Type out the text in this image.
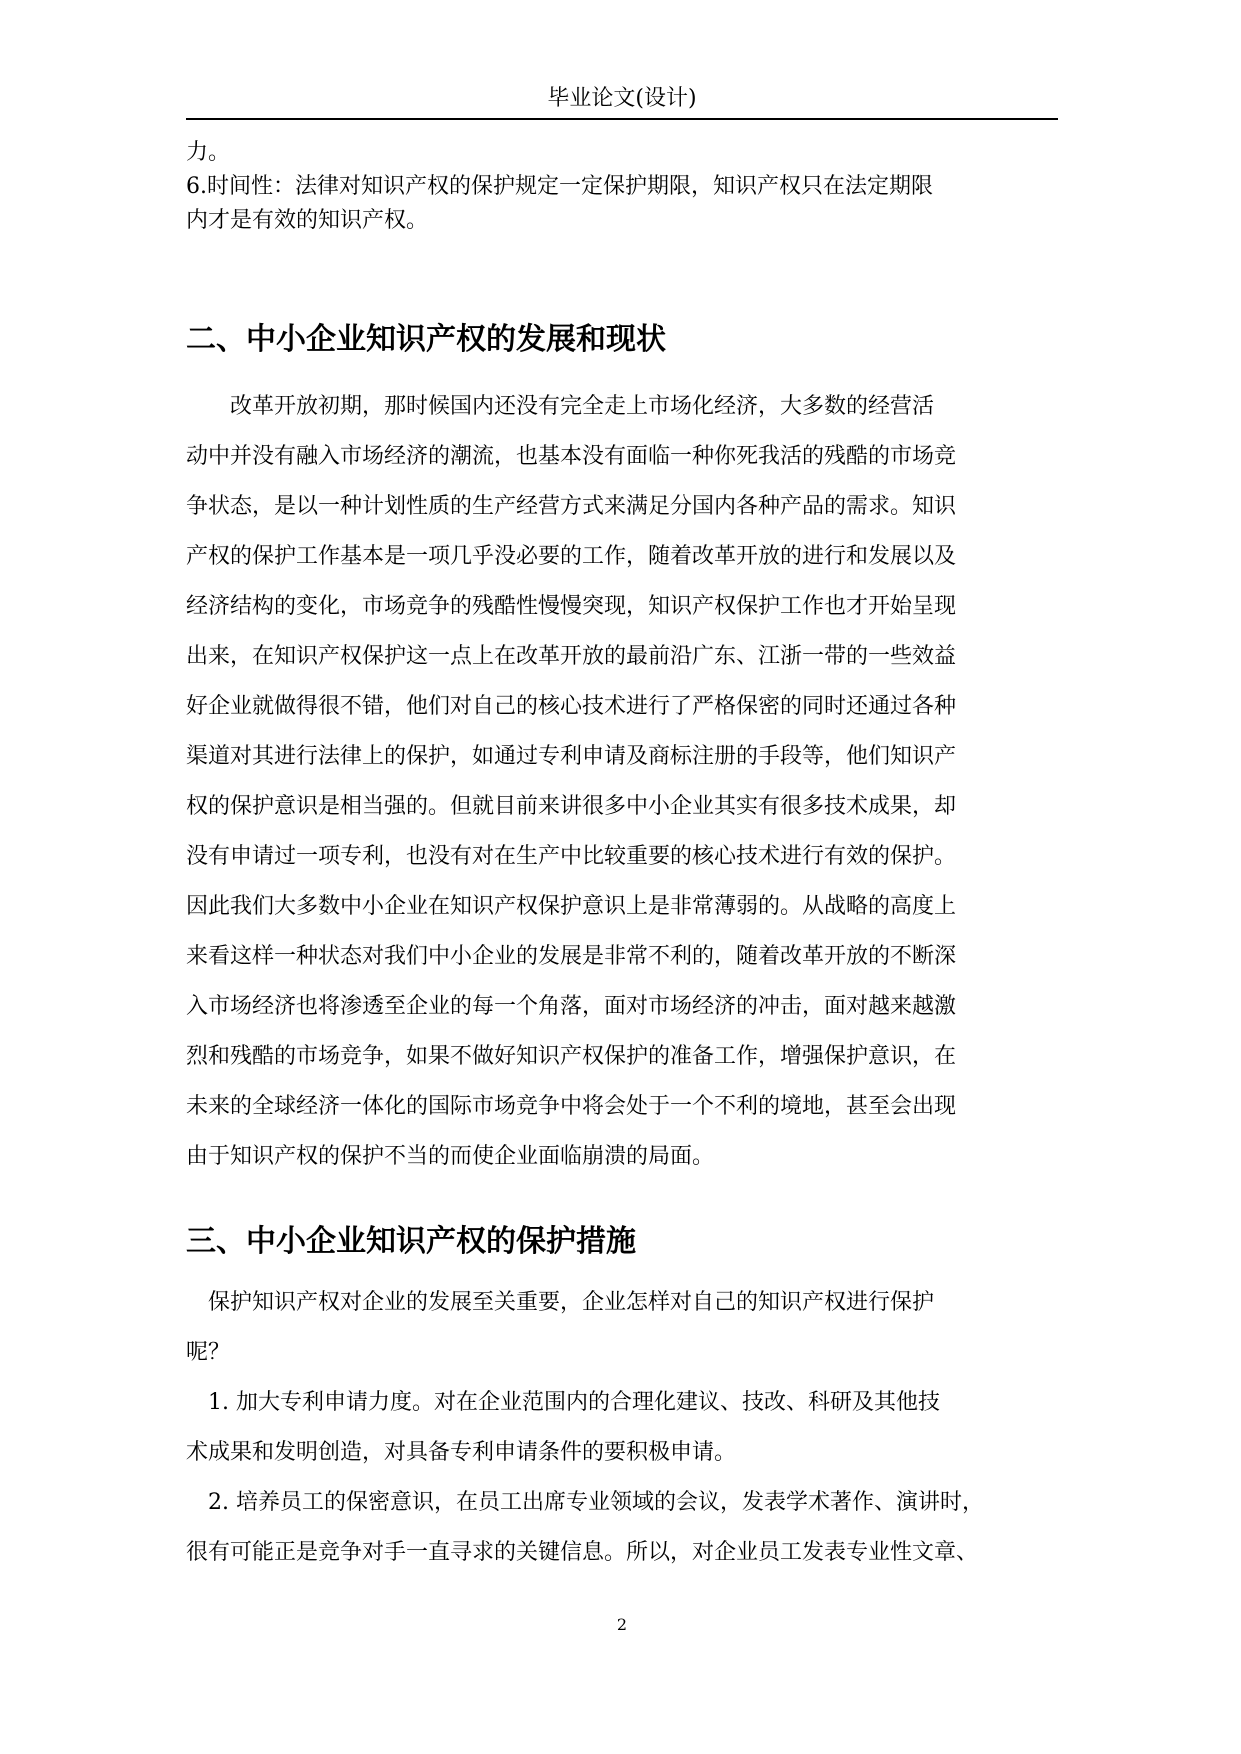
毕业论文(设计)
力。
6.时间性：法律对知识产权的保护规定一定保护期限，知识产权只在法定期限
内才是有效的知识产权。
二、中小企业知识产权的发展和现状
　　改革开放初期，那时候国内还没有完全走上市场化经济，大多数的经营活
动中并没有融入市场经济的潮流，也基本没有面临一种你死我活的残酷的市场竞
争状态，是以一种计划性质的生产经营方式来满足分国内各种产品的需求。知识
产权的保护工作基本是一项几乎没必要的工作，随着改革开放的进行和发展以及
经济结构的变化，市场竞争的残酷性慢慢突现，知识产权保护工作也才开始呈现
出来，在知识产权保护这一点上在改革开放的最前沿广东、江浙一带的一些效益
好企业就做得很不错，他们对自己的核心技术进行了严格保密的同时还通过各种
渠道对其进行法律上的保护，如通过专利申请及商标注册的手段等，他们知识产
权的保护意识是相当强的。但就目前来讲很多中小企业其实有很多技术成果，却
没有申请过一项专利，也没有对在生产中比较重要的核心技术进行有效的保护。
因此我们大多数中小企业在知识产权保护意识上是非常薄弱的。从战略的高度上
来看这样一种状态对我们中小企业的发展是非常不利的，随着改革开放的不断深
入市场经济也将渗透至企业的每一个角落，面对市场经济的冲击，面对越来越激
烈和残酷的市场竞争，如果不做好知识产权保护的准备工作，增强保护意识，在
未来的全球经济一体化的国际市场竞争中将会处于一个不利的境地，甚至会出现
由于知识产权的保护不当的而使企业面临崩溃的局面。
三、中小企业知识产权的保护措施
　保护知识产权对企业的发展至关重要，企业怎样对自己的知识产权进行保护
呢？
　1. 加大专利申请力度。对在企业范围内的合理化建议、技改、科研及其他技
术成果和发明创造，对具备专利申请条件的要积极申请。
　2. 培养员工的保密意识，在员工出席专业领域的会议，发表学术著作、演讲时，
很有可能正是竞争对手一直寻求的关键信息。所以，对企业员工发表专业性文章、
2
